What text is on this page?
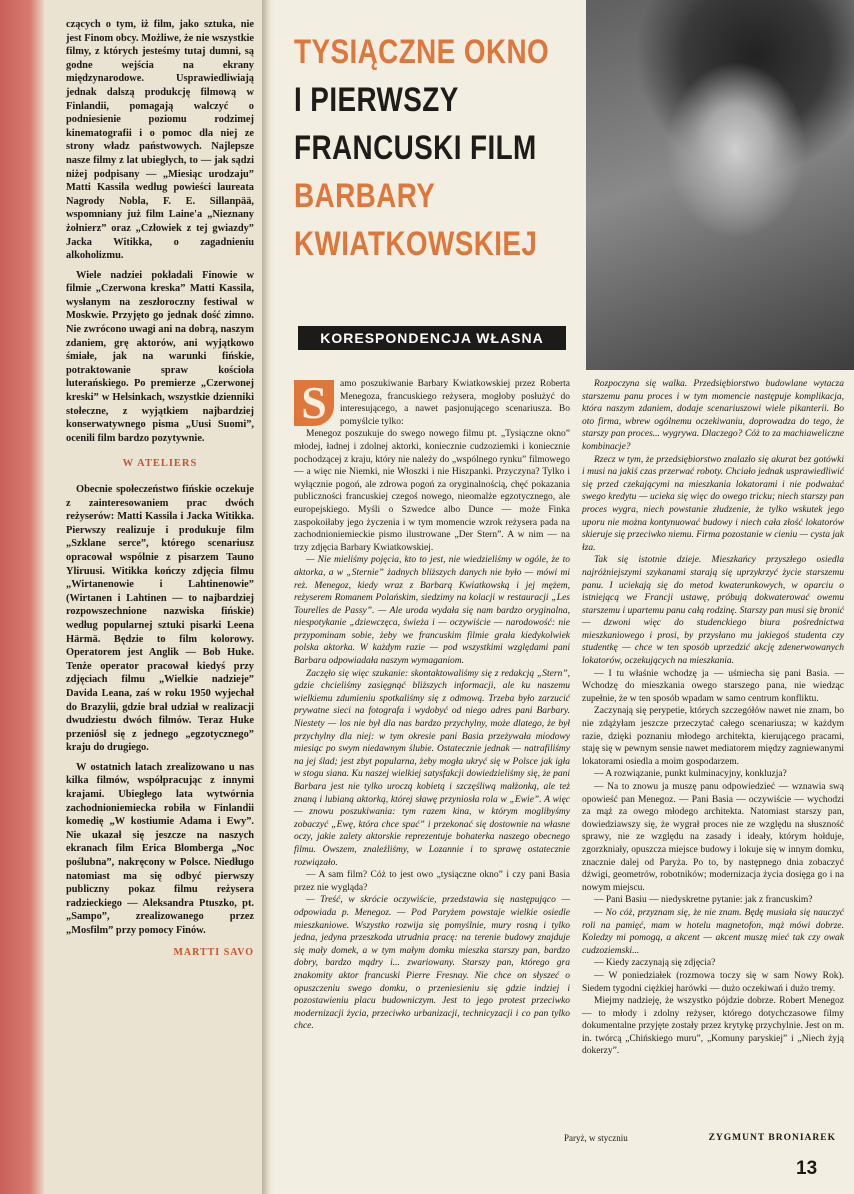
czących o tym, iż film, jako sztuka, nie jest Finom obcy. Możliwe, że nie wszystkie filmy, z których jesteśmy tutaj dumni, są godne wejścia na ekrany międzynarodowe. Usprawiedliwiają jednak dalszą produkcję filmową w Finlandii, pomagają walczyć o podniesienie poziomu rodzimej kinematografii i o pomoc dla niej ze strony władz państwowych. Najlepsze nasze filmy z lat ubiegłych, to — jak sądzi niżej podpisany — „Miesiąc urodzaju” Matti Kassila według powieści laureata Nagrody Nobla, F. E. Sillanpää, wspomniany już film Laine'a „Nieznany żołnierz” oraz „Człowiek z tej gwiazdy” Jacka Witikka, o zagadnieniu alkoholizmu.

Wiele nadziei pokładali Finowie w filmie „Czerwona kreska” Matti Kassila, wysłanym na zeszłoroczny festiwal w Moskwie. Przyjęto go jednak dość zimno. Nie zwrócono uwagi ani na dobrą, naszym zdaniem, grę aktorów, ani wyjątkowo śmiałe, jak na warunki fińskie, potraktowanie spraw kościoła luterańskiego. Po premierze „Czerwonej kreski” w Helsinkach, wszystkie dzienniki stołeczne, z wyjątkiem najbardziej konserwatywnego pisma „Uusi Suomi”, ocenili film bardzo pozytywnie.

W ATELIERS

Obecnie społeczeństwo fińskie oczekuje z zainteresowaniem prac dwóch reżyserów: Matti Kassila i Jacka Witikka. Pierwszy realizuje i produkuje film „Szklane serce”, którego scenariusz opracował wspólnie z pisarzem Tauno Yliruusi. Witikka kończy zdjęcia filmu „Wirtanenowie i Lahtinenowie” (Wirtanen i Lahtinen — to najbardziej rozpowszechnione nazwiska fińskie) według popularnej sztuki pisarki Leena Härmä. Będzie to film kolorowy. Operatorem jest Anglik — Bob Huke. Tenże operator pracował kiedyś przy zdjęciach filmu „Wielkie nadzieje” Davida Leana, zaś w roku 1950 wyjechał do Brazylii, gdzie brał udział w realizacji dwudziestu dwóch filmów. Teraz Huke przeniósł się z jednego „egzotycznego” kraju do drugiego.

W ostatnich latach zrealizowano u nas kilka filmów, współpracując z innymi krajami. Ubiegłego lata wytwórnia zachodnioniemiecka robiła w Finlandii komedię „W kostiumie Adama i Ewy”. Nie ukazał się jeszcze na naszych ekranach film Erica Blomberga „Noc poślubna”, nakręcony w Polsce. Niedługo natomiast ma się odbyć pierwszy publiczny pokaz filmu reżysera radzieckiego — Aleksandra Ptuszko, pt. „Sampo”, zrealizowanego przez „Mosfilm” przy pomocy Finów.

MARTTI SAVO
TYSIĄCZNE OKNO
I PIERWSZY
FRANCUSKI FILM
BARBARY
KWIATKOWSKIEJ
KORESPONDENCJA WŁASNA
S	amo poszukiwanie Barbary Kwiatkowskiej przez Roberta Menegoza, francuskiego reżysera, mogłoby posłużyć do interesującego, a nawet pasjonującego scenariusza. Bo pomyślcie tylko:

Menegoz poszukuje do swego nowego filmu pt. „Tysiączne okno” młodej, ładnej i zdolnej aktorki, koniecznie cudzoziemki i koniecznie pochodzącej z kraju, który nie należy do „wspólnego rynku” filmowego — a więc nie Niemki, nie Włoszki i nie Hiszpanki. Przyczyna? Tylko i wyłącznie pogoń, ale zdrowa pogoń za oryginalnością, chęć pokazania publiczności francuskiej czegoś nowego, nieomalże egzotycznego, ale europejskiego. Myśli o Szwedce albo Dunce — może Finka zaspokoiłaby jego życzenia i w tym momencie wzrok reżysera pada na zachodnioniemieckie pismo ilustrowane „Der Stern”. A w nim — na trzy zdjęcia Barbary Kwiatkowskiej.

— Nie mieliśmy pojęcia, kto to jest, nie wiedzieliśmy w ogóle, że to aktorka, a w „Sternie” żadnych bliższych danych nie było — mówi mi reż. Menegoz, kiedy wraz z Barbarą Kwiatkowską i jej mężem, reżyserem Romanem Polańskim, siedzimy na kolacji w restauracji „Les Tourelles de Passy”. — Ale uroda wydała się nam bardzo oryginalna, niespotykanie „dziewczęca, świeża i — oczywiście — narodowość: nie przypominam sobie, żeby we francuskim filmie grała kiedykolwiek polska aktorka. W każdym razie — pod wszystkimi względami pani Barbara odpowiadała naszym wymaganiom.

Zaczęło się więc szukanie: skontaktowaliśmy się z redakcją „Stern”, gdzie chcieliśmy zasięgnąć bliższych informacji, ale ku naszemu wielkiemu zdumieniu spotkaliśmy się z odmową. Trzeba było zarzucić prywatne sieci na fotografa i wydobyć od niego adres pani Barbary. Niestety — los nie był dla nas bardzo przychylny, może dlatego, że był przychylny dla niej: w tym okresie pani Basia przeżywała miodowy miesiąc po swym niedawnym ślubie. Ostatecznie jednak — natrafiliśmy na jej ślad; jest zbyt popularna, żeby mogła ukryć się w Polsce jak igła w stogu siana. Ku naszej wielkiej satysfakcji dowiedzieliśmy się, że pani Barbara jest nie tylko uroczą kobietą i szczęśliwą małżonką, ale też znaną i lubianą aktorką, której sławę przyniosła rola w „Ewie”. A więc — znowu poszukiwania: tym razem kina, w którym moglibyśmy zobaczyć „Ewę, która chce spać” i przekonać się dostownie na własne oczy, jakie zalety aktorskie reprezentuje bohaterka naszego obecnego filmu. Owszem, znaleźliśmy, w Lozannie i to sprawę ostatecznie rozwiązało.

— A sam film? Cóż to jest owo „tysiączne okno” i czy pani Basia przez nie wygląda?

— Treść, w skrócie oczywiście, przedstawia się następująco — odpowiada p. Menegoz. — Pod Paryżem powstaje wielkie osiedle mieszkaniowe. Wszystko rozwija się pomyślnie, mury rosną i tylko jedna, jedyna przeszkoda utrudnia pracę: na terenie budowy znajduje się mały domek, a w tym małym domku mieszka starszy pan, bardzo dobry, bardzo mądry i... zwariowany. Starszy pan, którego gra znakomity aktor francuski Pierre Fresnay. Nie chce on słyszeć o opuszczeniu swego domku, o przeniesieniu się gdzie indziej i pozostawieniu placu budowniczym. Jest to jego protest przeciwko modernizacji życia, przeciwko urbanizacji, technicyzacji i co pan tylko chce.

Rozpoczyna się walka. Przedsiębiorstwo budowlane wytacza starszemu panu proces i w tym momencie następuje komplikacja, która naszym zdaniem, dodaje scenariuszowi wiele pikanterii. Bo oto firma, wbrew ogólnemu oczekiwaniu, doprowadza do tego, że starszy pan proces... wygrywa. Dlaczego? Cóż to za machiaweliczne kombinacje?

Rzecz w tym, że przedsiębiorstwo znalazło się akurat bez gotówki i musi na jakiś czas przerwać roboty. Chciało jednak usprawiedliwić się przed czekającymi na mieszkania lokatorami i nie podważać swego kredytu — ucieka się więc do owego tricku; niech starszy pan proces wygra, niech powstanie złudzenie, że tylko wskutek jego uporu nie można kontynuować budowy i niech cała złość lokatorów skieruje się przeciwko niemu. Firma pozostanie w cieniu — cysta jak łza.

Tak się istotnie dzieje. Mieszkańcy przyszłego osiedla najróżniejszymi szykanami starają się uprzykrzyć życie starszemu panu. I uciekają się do metod kwaterunkowych, w oparciu o istniejącą we Francji ustawę, próbują dokwaterować owemu starszemu i upartemu panu całą rodzinę. Starszy pan musi się bronić — dzwoni więc do studenckiego biura pośrednictwa mieszkaniowego i prosi, by przysłano mu jakiegoś studenta czy studentkę — chce w ten sposób uprzedzić akcję zdenerwowanych lokatorów, oczekujących na mieszkania.

— I tu właśnie wchodzę ja — uśmiecha się pani Basia. — Wchodzę do mieszkania owego starszego pana, nie wiedząc zupełnie, że w ten sposób wpadam w samo centrum konfliktu.

Zaczynają się perypetie, których szczegółów nawet nie znam, bo nie zdążyłam jeszcze przeczytać całego scenariusza; w każdym razie, dzięki poznaniu młodego architekta, kierującego pracami, staję się w pewnym sensie nawet mediatorem między zagniewanymi lokatorami osiedla a moim gospodarzem.

— A rozwiązanie, punkt kulminacyjny, konkluzja?

— Na to znowu ja muszę panu odpowiedzieć — wznawia swą opowieść pan Menegoz. — Pani Basia — oczywiście — wychodzi za mąż za owego młodego architekta. Natomiast starszy pan, dowiedziawszy się, że wygrał proces nie ze względu na słuszność sprawy, nie ze względu na zasady i ideały, którym hołduje, zgorzkniały, opuszcza miejsce budowy i lokuje się w innym domku, znacznie dalej od Paryża. Po to, by następnego dnia zobaczyć dźwigi, geometrów, robotników; modernizacja życia dosięga go i na nowym miejscu.

— Pani Basiu — niedyskretne pytanie: jak z francuskim?

— No cóż, przyznam się, że nie znam. Będę musiała się nauczyć roli na pamięć, mam w hotelu magnetofon, mąż mówi dobrze. Koledzy mi pomogą, a akcent — akcent muszę mieć tak czy owak cudzoziemski...

— Kiedy zaczynają się zdjęcia?

— W poniedziałek (rozmowa toczy się w sam Nowy Rok). Siedem tygodni ciężkiej harówki — dużo oczekiwań i dużo tremy.

Miejmy nadzieję, że wszystko pójdzie dobrze. Robert Menegoz — to młody i zdolny reżyser, którego dotychczasowe filmy dokumentalne przyjęte zostały przez krytykę przychylnie. Jest on m. in. twórcą „Chińskiego muru”, „Komuny paryskiej” i „Niech żyją dokerzy”.

Paryż, w styczniu	ZYGMUNT BRONIAREK
13
